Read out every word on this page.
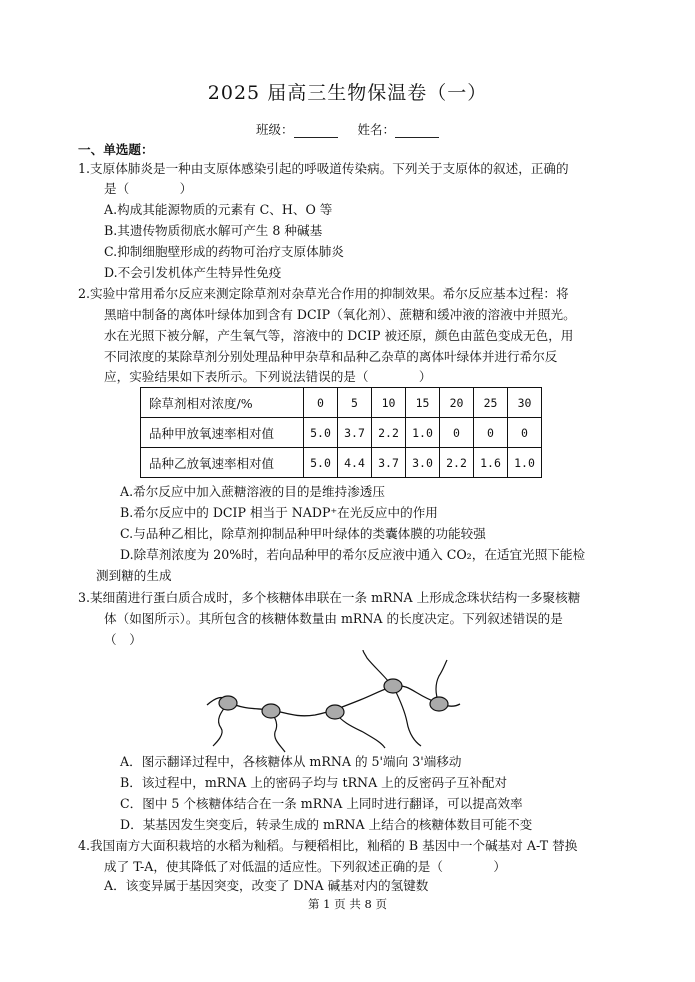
2025 届高三生物保温卷（一）
班级：	姓名：
一、单选题：
1.支原体肺炎是一种由支原体感染引起的呼吸道传染病。下列关于支原体的叙述，正确的
是（　　　　）
A.构成其能源物质的元素有 C、H、O 等
B.其遗传物质彻底水解可产生 8 种碱基
C.抑制细胞壁形成的药物可治疗支原体肺炎
D.不会引发机体产生特异性免疫
2.实验中常用希尔反应来测定除草剂对杂草光合作用的抑制效果。希尔反应基本过程：将
黑暗中制备的离体叶绿体加到含有 DCIP（氧化剂）、蔗糖和缓冲液的溶液中并照光。
水在光照下被分解，产生氧气等，溶液中的 DCIP 被还原，颜色由蓝色变成无色，用
不同浓度的某除草剂分别处理品种甲杂草和品种乙杂草的离体叶绿体并进行希尔反
应，实验结果如下表所示。下列说法错误的是（　　　　）
除草剂相对浓度/%	0	5	10	15	20	25	30
品种甲放氧速率相对值	5.0	3.7	2.2	1.0	0	0	0
品种乙放氧速率相对值	5.0	4.4	3.7	3.0	2.2	1.6	1.0
A.希尔反应中加入蔗糖溶液的目的是维持渗透压
B.希尔反应中的 DCIP 相当于 NADP⁺在光反应中的作用
C.与品种乙相比，除草剂抑制品种甲叶绿体的类囊体膜的功能较强
D.除草剂浓度为 20%时，若向品种甲的希尔反应液中通入 CO₂，在适宜光照下能检
测到糖的生成
3.某细菌进行蛋白质合成时，多个核糖体串联在一条 mRNA 上形成念珠状结构一多聚核糖
体（如图所示）。其所包含的核糖体数量由 mRNA 的长度决定。下列叙述错误的是
（　）
A．图示翻译过程中，各核糖体从 mRNA 的 5'端向 3'端移动
B．该过程中，mRNA 上的密码子均与 tRNA 上的反密码子互补配对
C．图中 5 个核糖体结合在一条 mRNA 上同时进行翻译，可以提高效率
D．某基因发生突变后，转录生成的 mRNA 上结合的核糖体数目可能不变
4.我国南方大面积栽培的水稻为籼稻。与粳稻相比，籼稻的 B 基因中一个碱基对 A-T 替换
成了 T-A，使其降低了对低温的适应性。下列叙述正确的是（　　　　）
A．该变异属于基因突变，改变了 DNA 碱基对内的氢键数
第 1 页 共 8 页
